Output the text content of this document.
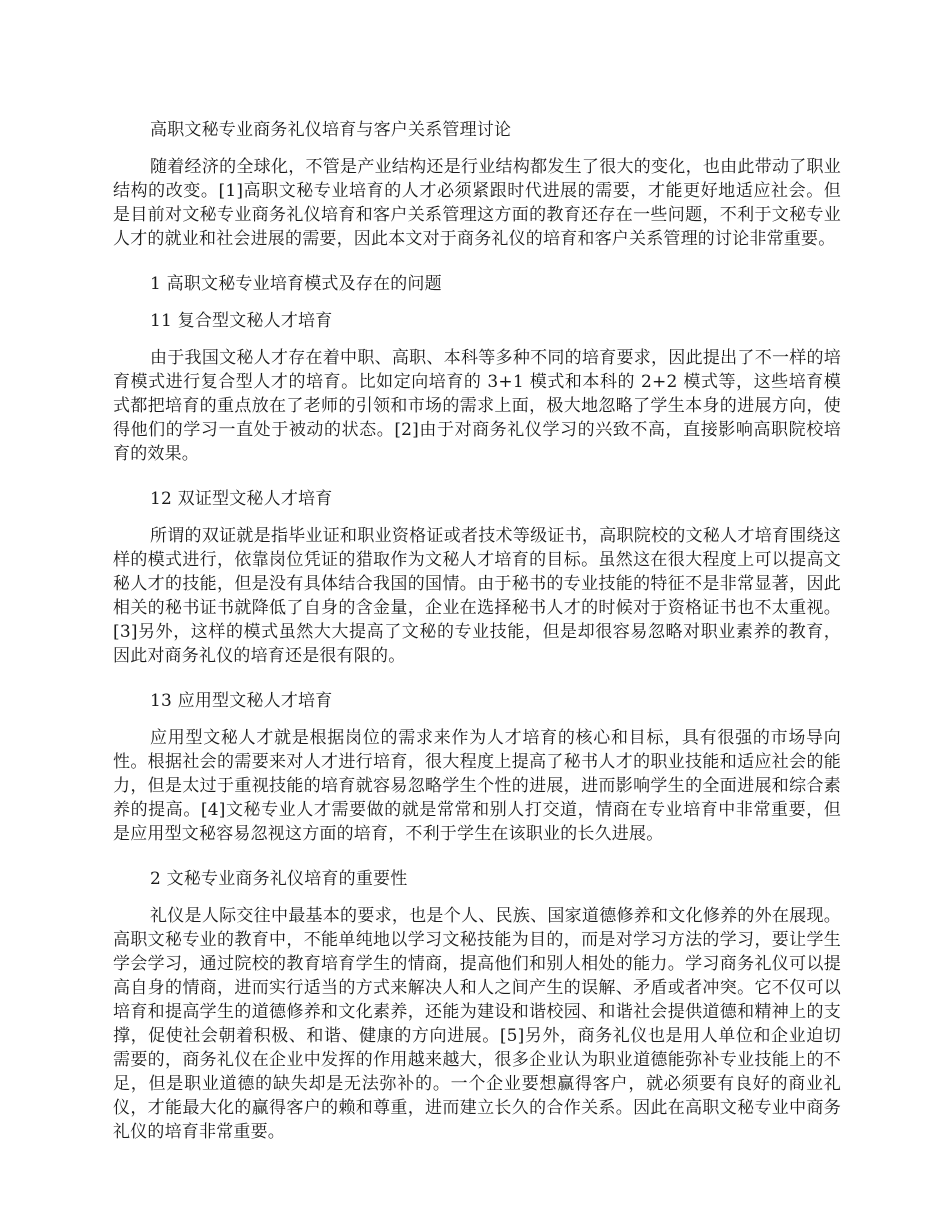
高职文秘专业商务礼仪培育与客户关系管理讨论

随着经济的全球化，不管是产业结构还是行业结构都发生了很大的变化，也由此带动了职业结构的改变。[1]高职文秘专业培育的人才必须紧跟时代进展的需要，才能更好地适应社会。但是目前对文秘专业商务礼仪培育和客户关系管理这方面的教育还存在一些问题，不利于文秘专业人才的就业和社会进展的需要，因此本文对于商务礼仪的培育和客户关系管理的讨论非常重要。

1 高职文秘专业培育模式及存在的问题

11 复合型文秘人才培育

由于我国文秘人才存在着中职、高职、本科等多种不同的培育要求，因此提出了不一样的培育模式进行复合型人才的培育。比如定向培育的 3+1 模式和本科的 2+2 模式等，这些培育模式都把培育的重点放在了老师的引领和市场的需求上面，极大地忽略了学生本身的进展方向，使得他们的学习一直处于被动的状态。[2]由于对商务礼仪学习的兴致不高，直接影响高职院校培育的效果。

12 双证型文秘人才培育

所谓的双证就是指毕业证和职业资格证或者技术等级证书，高职院校的文秘人才培育围绕这样的模式进行，依靠岗位凭证的猎取作为文秘人才培育的目标。虽然这在很大程度上可以提高文秘人才的技能，但是没有具体结合我国的国情。由于秘书的专业技能的特征不是非常显著，因此相关的秘书证书就降低了自身的含金量，企业在选择秘书人才的时候对于资格证书也不太重视。[3]另外，这样的模式虽然大大提高了文秘的专业技能，但是却很容易忽略对职业素养的教育，因此对商务礼仪的培育还是很有限的。

13 应用型文秘人才培育

应用型文秘人才就是根据岗位的需求来作为人才培育的核心和目标，具有很强的市场导向性。根据社会的需要来对人才进行培育，很大程度上提高了秘书人才的职业技能和适应社会的能力，但是太过于重视技能的培育就容易忽略学生个性的进展，进而影响学生的全面进展和综合素养的提高。[4]文秘专业人才需要做的就是常常和别人打交道，情商在专业培育中非常重要，但是应用型文秘容易忽视这方面的培育，不利于学生在该职业的长久进展。

2 文秘专业商务礼仪培育的重要性

礼仪是人际交往中最基本的要求，也是个人、民族、国家道德修养和文化修养的外在展现。高职文秘专业的教育中，不能单纯地以学习文秘技能为目的，而是对学习方法的学习，要让学生学会学习，通过院校的教育培育学生的情商，提高他们和别人相处的能力。学习商务礼仪可以提高自身的情商，进而实行适当的方式来解决人和人之间产生的误解、矛盾或者冲突。它不仅可以培育和提高学生的道德修养和文化素养，还能为建设和谐校园、和谐社会提供道德和精神上的支撑，促使社会朝着积极、和谐、健康的方向进展。[5]另外，商务礼仪也是用人单位和企业迫切需要的，商务礼仪在企业中发挥的作用越来越大，很多企业认为职业道德能弥补专业技能上的不足，但是职业道德的缺失却是无法弥补的。一个企业要想赢得客户，就必须要有良好的商业礼仪，才能最大化的赢得客户的赖和尊重，进而建立长久的合作关系。因此在高职文秘专业中商务礼仪的培育非常重要。
